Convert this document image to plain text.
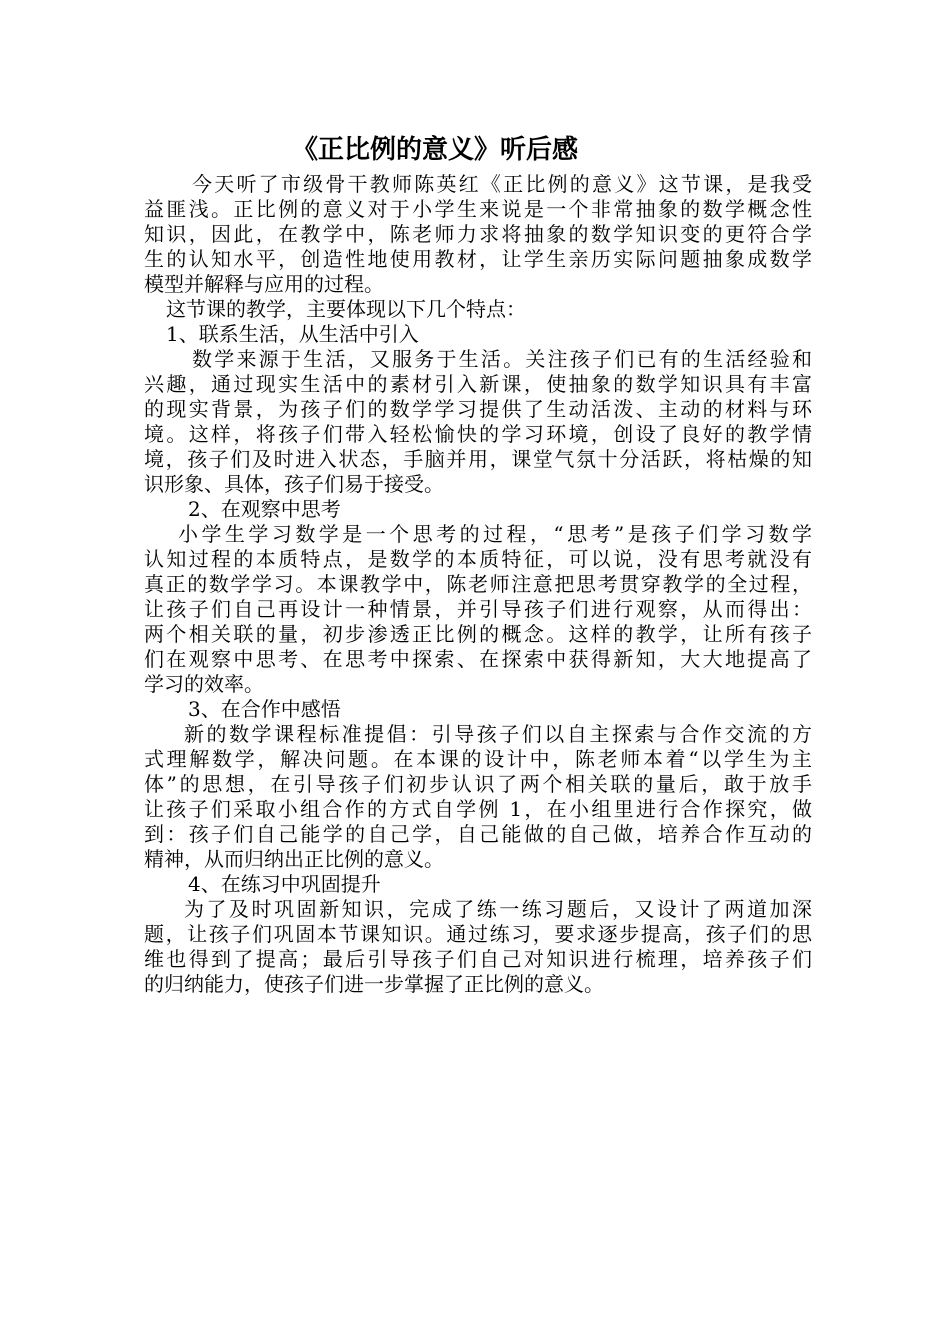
《正比例的意义》听后感
今天听了市级骨干教师陈英红《正比例的意义》这节课，是我受
益匪浅。正比例的意义对于小学生来说是一个非常抽象的数学概念性
知识，因此，在教学中，陈老师力求将抽象的数学知识变的更符合学
生的认知水平，创造性地使用教材，让学生亲历实际问题抽象成数学
模型并解释与应用的过程。
这节课的教学，主要体现以下几个特点：
1、联系生活，从生活中引入
数学来源于生活，又服务于生活。关注孩子们已有的生活经验和
兴趣，通过现实生活中的素材引入新课，使抽象的数学知识具有丰富
的现实背景，为孩子们的数学学习提供了生动活泼、主动的材料与环
境。这样，将孩子们带入轻松愉快的学习环境，创设了良好的教学情
境，孩子们及时进入状态，手脑并用，课堂气氛十分活跃，将枯燥的知
识形象、具体，孩子们易于接受。
2、在观察中思考
小学生学习数学是一个思考的过程，“思考”是孩子们学习数学
认知过程的本质特点，是数学的本质特征，可以说，没有思考就没有
真正的数学学习。本课教学中，陈老师注意把思考贯穿教学的全过程，
让孩子们自己再设计一种情景，并引导孩子们进行观察，从而得出：
两个相关联的量，初步渗透正比例的概念。这样的教学，让所有孩子
们在观察中思考、在思考中探索、在探索中获得新知，大大地提高了
学习的效率。
3、在合作中感悟
新的数学课程标准提倡：引导孩子们以自主探索与合作交流的方
式理解数学，解决问题。在本课的设计中，陈老师本着“以学生为主
体”的思想，在引导孩子们初步认识了两个相关联的量后，敢于放手
让孩子们采取小组合作的方式自学例 1，在小组里进行合作探究，做
到：孩子们自己能学的自己学，自己能做的自己做，培养合作互动的
精神，从而归纳出正比例的意义。
4、在练习中巩固提升
为了及时巩固新知识，完成了练一练习题后，又设计了两道加深
题，让孩子们巩固本节课知识。通过练习，要求逐步提高，孩子们的思
维也得到了提高；最后引导孩子们自己对知识进行梳理，培养孩子们
的归纳能力，使孩子们进一步掌握了正比例的意义。
